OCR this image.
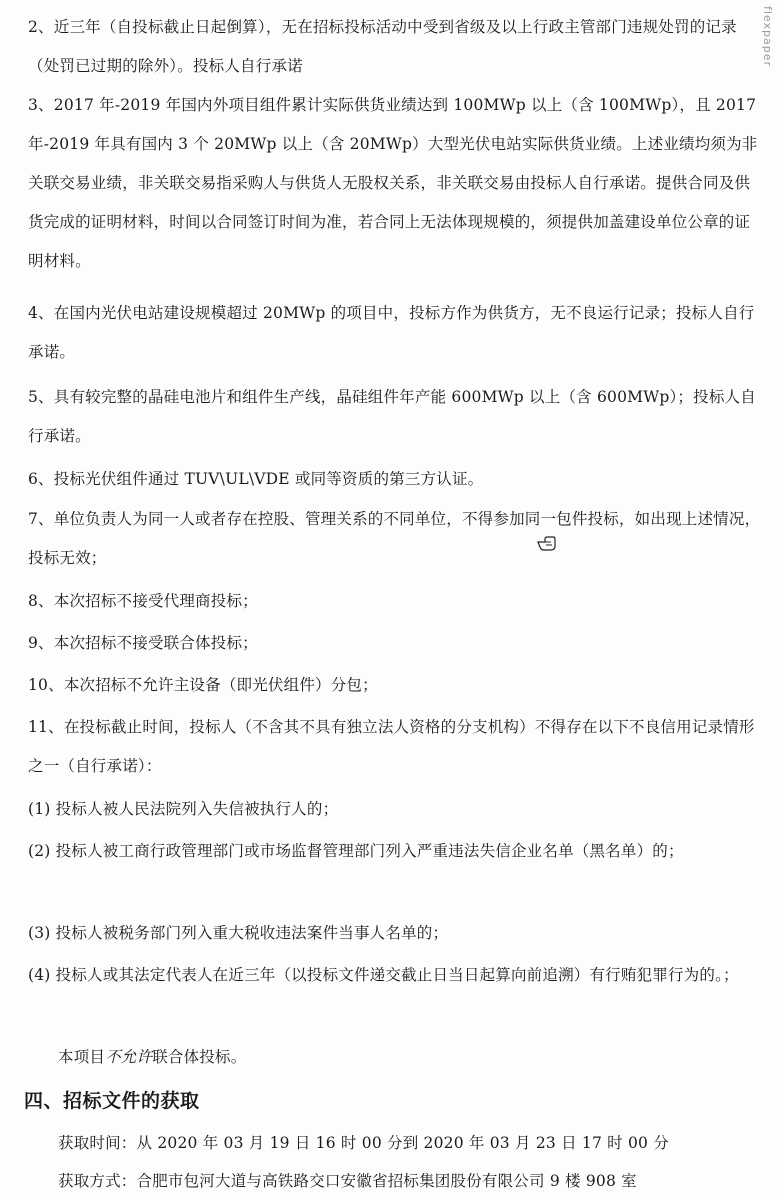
flexpaper

2、近三年（自投标截止日起倒算），无在招标投标活动中受到省级及以上行政主管部门违规处罚的记录（处罚已过期的除外）。投标人自行承诺

3、2017 年-2019 年国内外项目组件累计实际供货业绩达到 100MWp 以上（含 100MWp），且 2017 年-2019 年具有国内 3 个 20MWp 以上（含 20MWp）大型光伏电站实际供货业绩。上述业绩均须为非关联交易业绩，非关联交易指采购人与供货人无股权关系，非关联交易由投标人自行承诺。提供合同及供货完成的证明材料，时间以合同签订时间为准，若合同上无法体现规模的，须提供加盖建设单位公章的证明材料。

4、在国内光伏电站建设规模超过 20MWp 的项目中，投标方作为供货方，无不良运行记录；投标人自行承诺。

5、具有较完整的晶硅电池片和组件生产线，晶硅组件年产能 600MWp 以上（含 600MWp）；投标人自行承诺。

6、投标光伏组件通过 TUV\UL\VDE 或同等资质的第三方认证。

7、单位负责人为同一人或者存在控股、管理关系的不同单位，不得参加同一包件投标，如出现上述情况，投标无效；

8、本次招标不接受代理商投标；

9、本次招标不接受联合体投标；

10、本次招标不允许主设备（即光伏组件）分包；

11、在投标截止时间，投标人（不含其不具有独立法人资格的分支机构）不得存在以下不良信用记录情形之一（自行承诺）：

(1) 投标人被人民法院列入失信被执行人的；

(2) 投标人被工商行政管理部门或市场监督管理部门列入严重违法失信企业名单（黑名单）的；

(3) 投标人被税务部门列入重大税收违法案件当事人名单的；

(4) 投标人或其法定代表人在近三年（以投标文件递交截止日当日起算向前追溯）有行贿犯罪行为的。；

本项目不允许联合体投标。

四、招标文件的获取

获取时间：从 2020 年 03 月 19 日 16 时 00 分到 2020 年 03 月 23 日 17 时 00 分

获取方式：合肥市包河大道与高铁路交口安徽省招标集团股份有限公司 9 楼 908 室
